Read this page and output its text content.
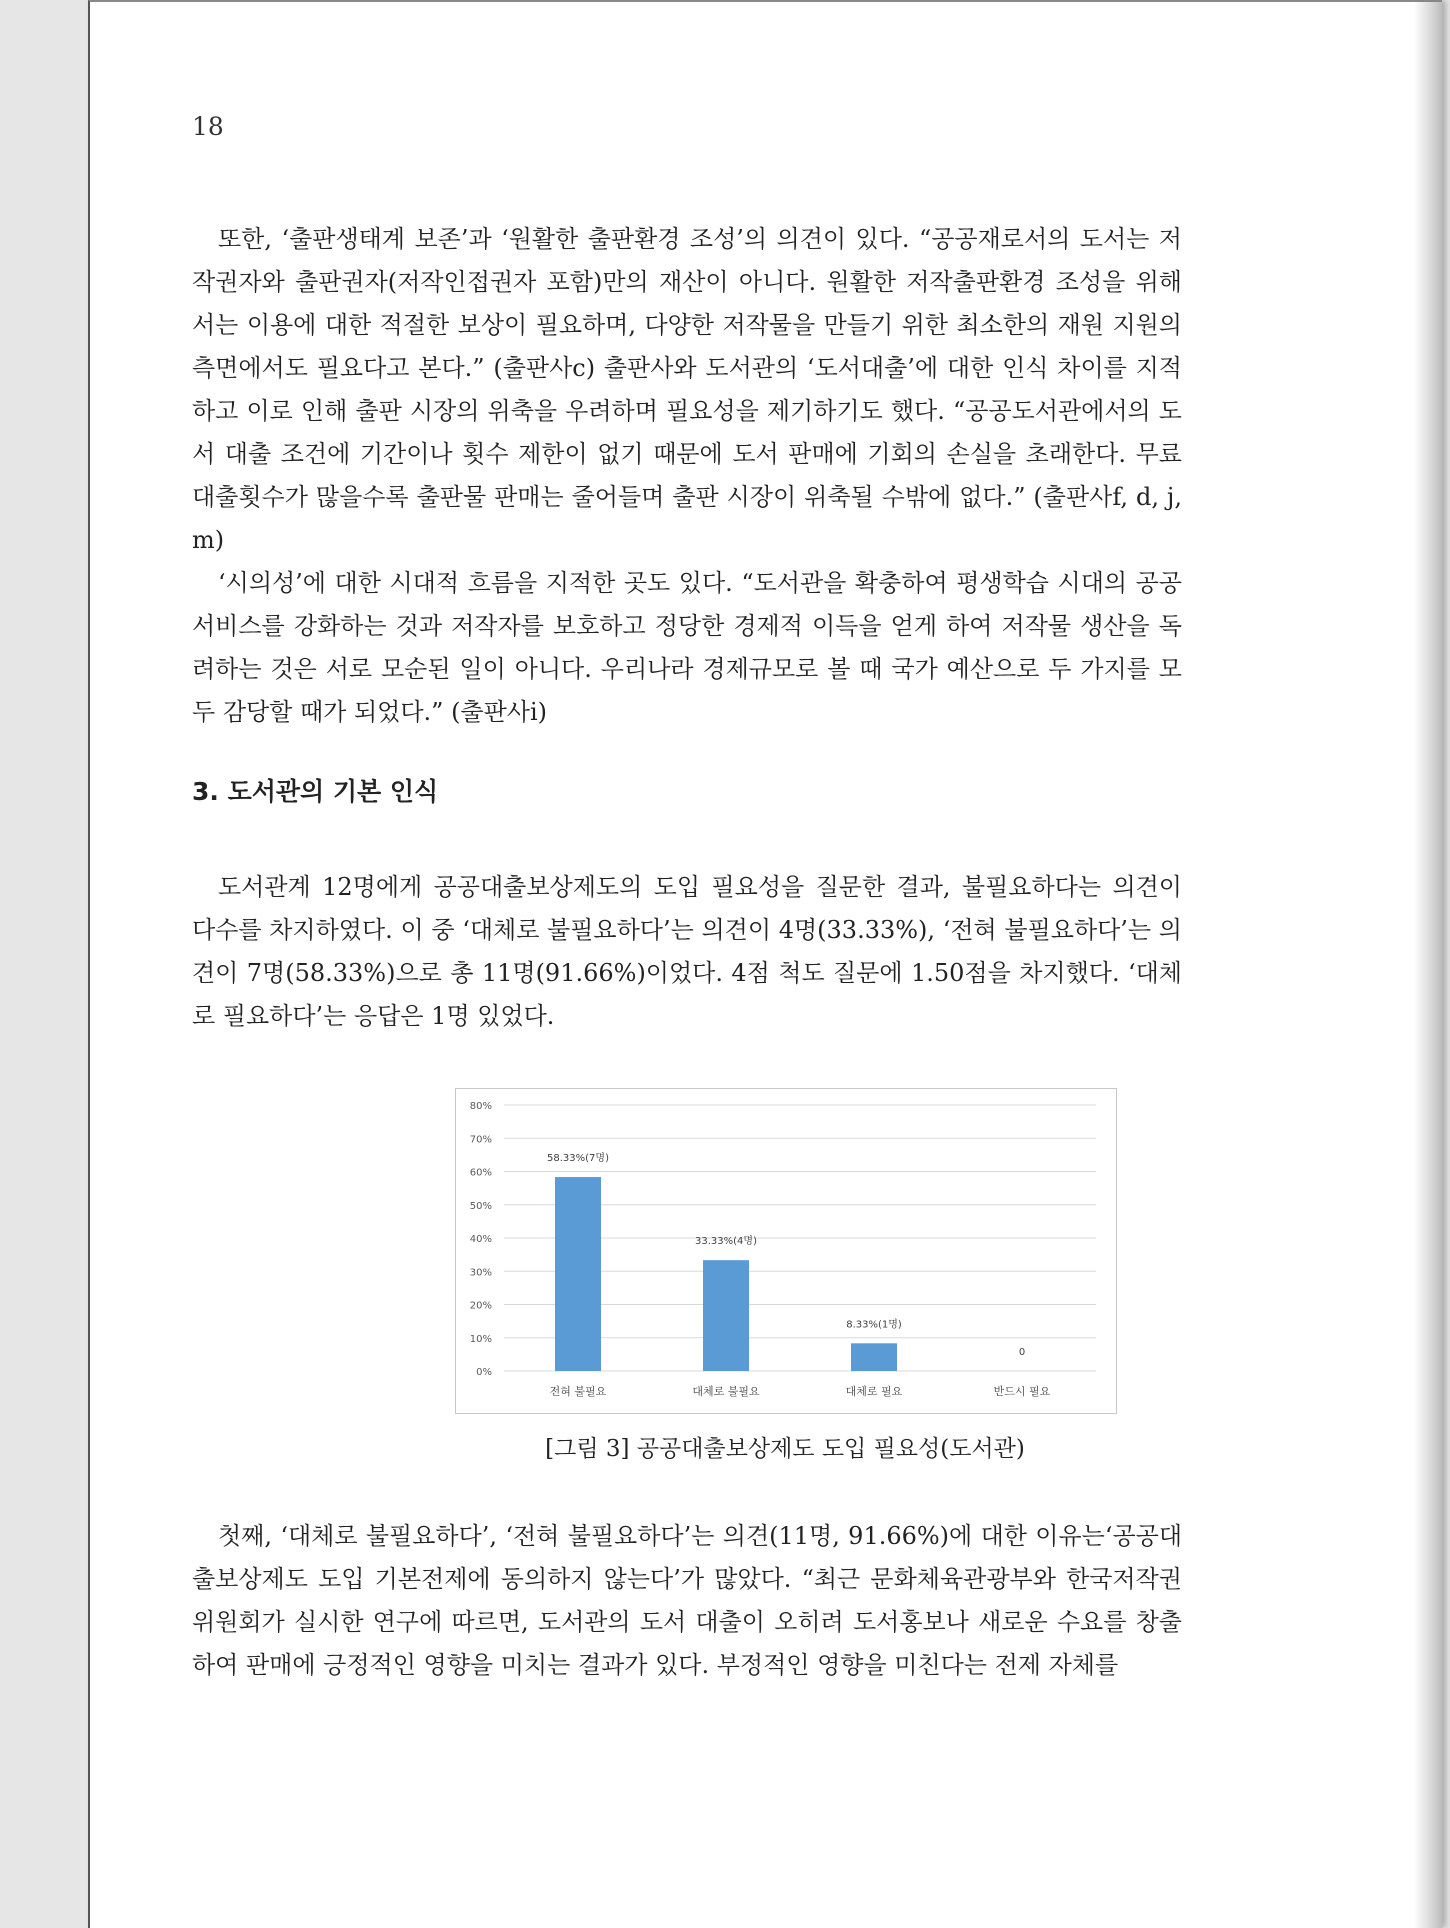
18

또한, ‘출판생태계 보존’과 ‘원활한 출판환경 조성’의 의견이 있다. “공공재로서의 도서는 저작권자와 출판권자(저작인접권자 포함)만의 재산이 아니다. 원활한 저작출판환경 조성을 위해서는 이용에 대한 적절한 보상이 필요하며, 다양한 저작물을 만들기 위한 최소한의 재원 지원의 측면에서도 필요다고 본다.” (출판사c) 출판사와 도서관의 ‘도서대출’에 대한 인식 차이를 지적하고 이로 인해 출판 시장의 위축을 우려하며 필요성을 제기하기도 했다. “공공도서관에서의 도서 대출 조건에 기간이나 횟수 제한이 없기 때문에 도서 판매에 기회의 손실을 초래한다. 무료 대출횟수가 많을수록 출판물 판매는 줄어들며 출판 시장이 위축될 수밖에 없다.” (출판사f, d, j, m)

‘시의성’에 대한 시대적 흐름을 지적한 곳도 있다. “도서관을 확충하여 평생학습 시대의 공공 서비스를 강화하는 것과 저작자를 보호하고 정당한 경제적 이득을 얻게 하여 저작물 생산을 독려하는 것은 서로 모순된 일이 아니다. 우리나라 경제규모로 볼 때 국가 예산으로 두 가지를 모두 감당할 때가 되었다.” (출판사i)

3. 도서관의 기본 인식

도서관계 12명에게 공공대출보상제도의 도입 필요성을 질문한 결과, 불필요하다는 의견이 다수를 차지하였다. 이 중 ‘대체로 불필요하다’는 의견이 4명(33.33%), ‘전혀 불필요하다’는 의견이 7명(58.33%)으로 총 11명(91.66%)이었다. 4점 척도 질문에 1.50점을 차지했다. ‘대체로 필요하다’는 응답은 1명 있었다.

0%
10%
20%
30%
40%
50%
60%
70%
80%
58.33%(7명)
전혀 불필요
33.33%(4명)
대체로 불필요
8.33%(1명)
대체로 필요
0
반드시 필요
[그림 3] 공공대출보상제도 도입 필요성(도서관)

첫째, ‘대체로 불필요하다’, ‘전혀 불필요하다’는 의견(11명, 91.66%)에 대한 이유는‘공공대출보상제도 도입 기본전제에 동의하지 않는다’가 많았다. “최근 문화체육관광부와 한국저작권위원회가 실시한 연구에 따르면, 도서관의 도서 대출이 오히려 도서홍보나 새로운 수요를 창출하여 판매에 긍정적인 영향을 미치는 결과가 있다. 부정적인 영향을 미친다는 전제 자체를
